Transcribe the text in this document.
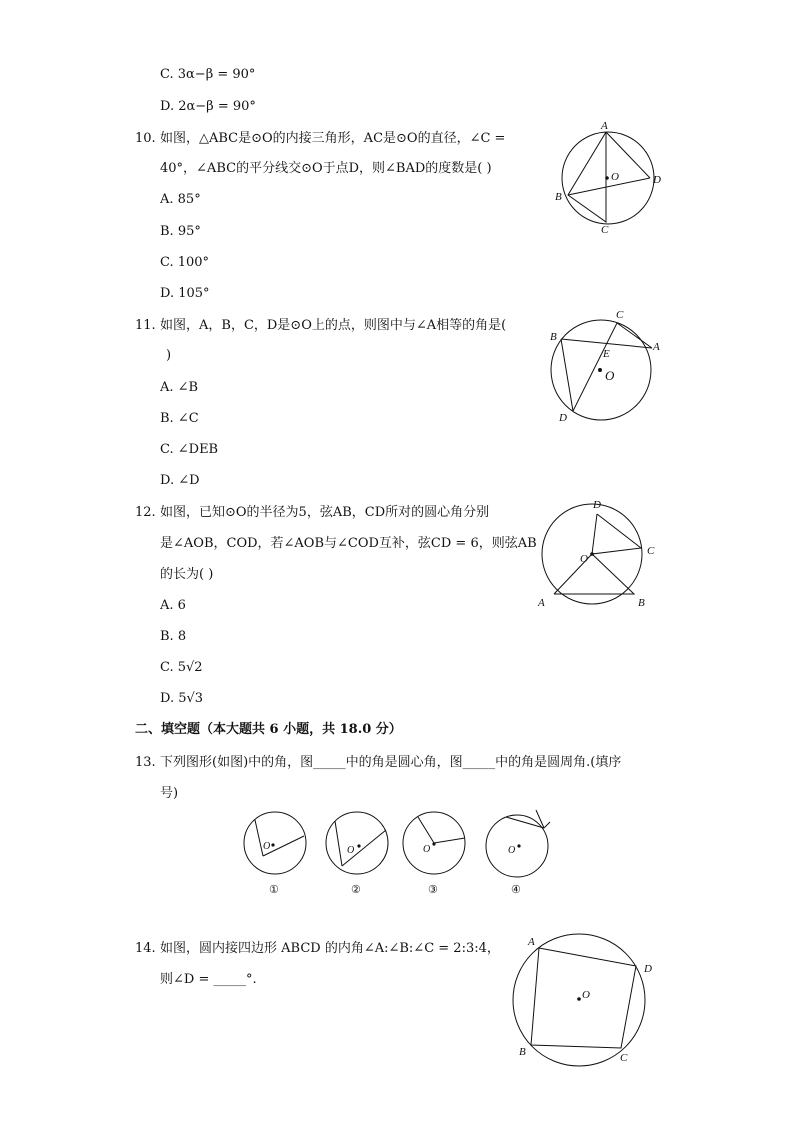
C. 3α−β = 90°
D. 2α−β = 90°
10. 如图，△ABC是⊙O的内接三角形，AC是⊙O的直径，∠C =
40°，∠ABC的平分线交⊙O于点D，则∠BAD的度数是( )
A. 85°
B. 95°
C. 100°
D. 105°
A
B
C
D
O
11. 如图，A，B，C，D是⊙O上的点，则图中与∠A相等的角是(
)
A. ∠B
B. ∠C
C. ∠DEB
D. ∠D
C
B
A
E
O
D
12. 如图，已知⊙O的半径为5，弦AB，CD所对的圆心角分别
是∠AOB，COD，若∠AOB与∠COD互补，弦CD = 6，则弦AB
的长为( )
A. 6
B. 8
C. 5√2
D. 5√3
D
C
O
A	B
二、填空题（本大题共 6 小题，共 18.0 分）
13. 下列图形(如图)中的角，图_____中的角是圆心角，图_____中的角是圆周角.(填序
号)
O
①
O
②
O
③
O
④
14. 如图，圆内接四边形 ABCD 的内角∠A:∠B:∠C = 2:3:4，
则∠D = _____°.
A
D
O
B	C
